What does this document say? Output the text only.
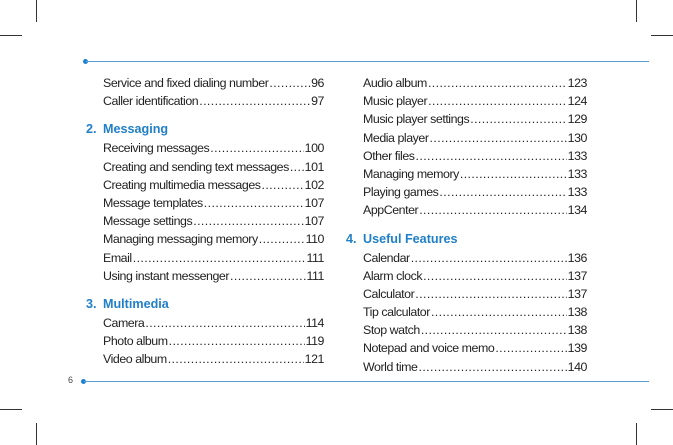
Service and fixed dialing number .....	96
Caller identification .....	97
2. Messaging
Receiving messages .....	100
Creating and sending text messages ..... 101
Creating multimedia messages .....	102
Message templates .....	107
Message settings .....	107
Managing messaging memory .....	110
Email .....	111
Using instant messenger .....	111
3. Multimedia
Camera .....	114
Photo album .....	119
Video album .....	121
Audio album .....	123
Music player .....	124
Music player settings .....	129
Media player .....	130
Other files .....	133
Managing memory .....	133
Playing games .....	133
AppCenter .....	134
4. Useful Features
Calendar .....	136
Alarm clock .....	137
Calculator .....	137
Tip calculator .....	138
Stop watch .....	138
Notepad and voice memo .....	139
World time .....	140
6
